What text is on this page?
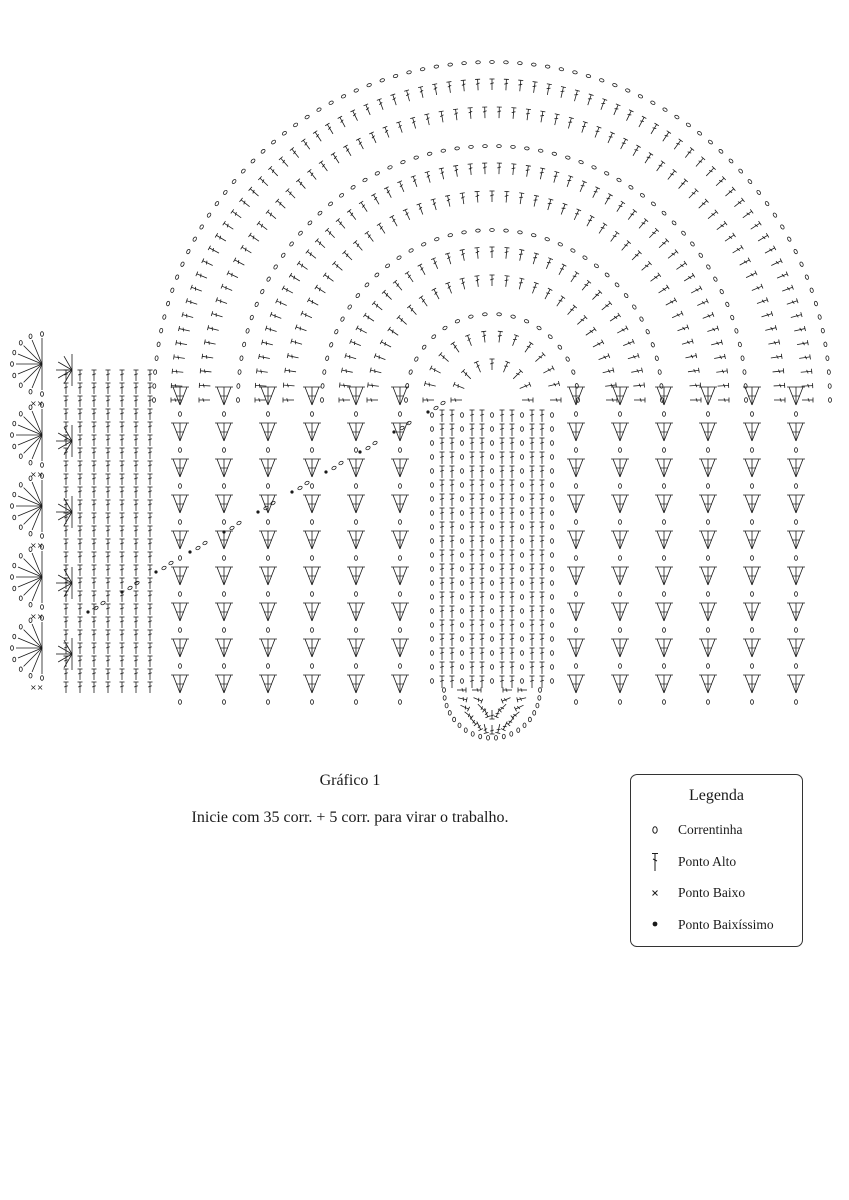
××
××
××
××
××
Gráfico 1
Inicie com 35 corr. + 5 corr. para virar o trabalho.
Legenda
Correntinha
Ponto Alto
Ponto Baixo
Ponto Baixíssimo
